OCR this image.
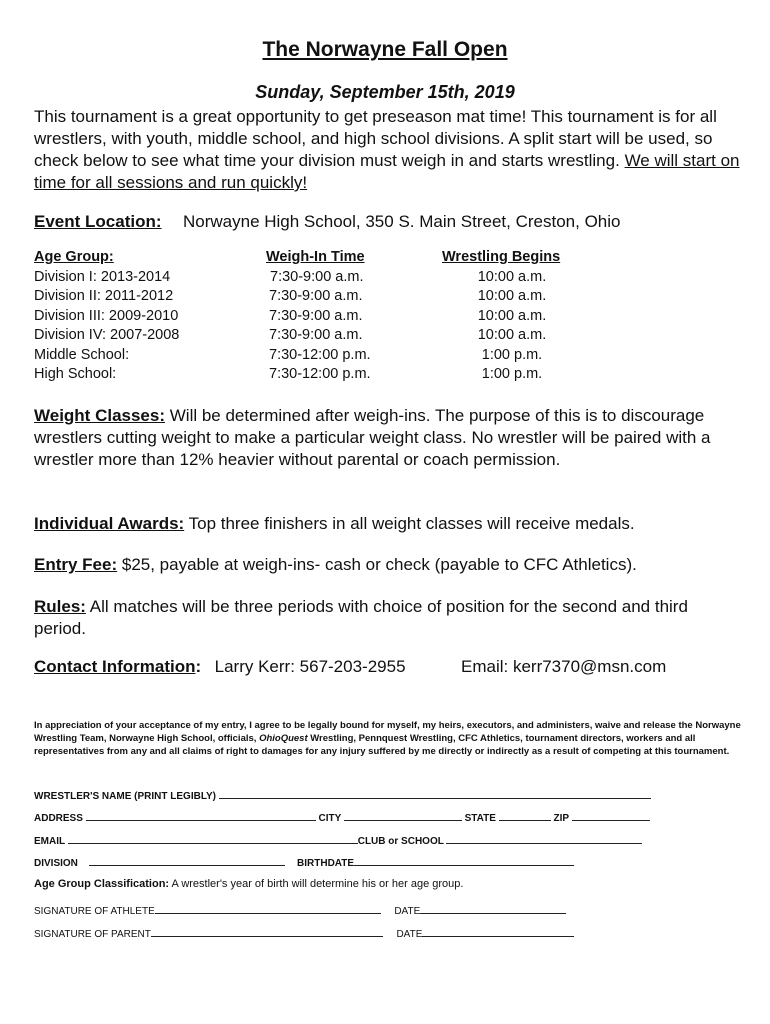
The Norwayne Fall Open
Sunday, September 15th, 2019
This tournament is a great opportunity to get preseason mat time! This tournament is for all wrestlers, with youth, middle school, and high school divisions. A split start will be used, so check below to see what time your division must weigh in and starts wrestling. We will start on time for all sessions and run quickly!
Event Location: Norwayne High School, 350 S. Main Street, Creston, Ohio
Age Group:	Weigh-In Time	Wrestling Begins
Division I: 2013-2014	7:30-9:00 a.m.	10:00 a.m.
Division II: 2011-2012	7:30-9:00 a.m.	10:00 a.m.
Division III: 2009-2010	7:30-9:00 a.m.	10:00 a.m.
Division IV: 2007-2008	7:30-9:00 a.m.	10:00 a.m.
Middle School:	7:30-12:00 p.m.	1:00 p.m.
High School:	7:30-12:00 p.m.	1:00 p.m.
Weight Classes: Will be determined after weigh-ins. The purpose of this is to discourage wrestlers cutting weight to make a particular weight class. No wrestler will be paired with a wrestler more than 12% heavier without parental or coach permission.
Individual Awards: Top three finishers in all weight classes will receive medals.
Entry Fee: $25, payable at weigh-ins- cash or check (payable to CFC Athletics).
Rules: All matches will be three periods with choice of position for the second and third period.
Contact Information: Larry Kerr: 567-203-2955	Email: kerr7370@msn.com
In appreciation of your acceptance of my entry, I agree to be legally bound for myself, my heirs, executors, and administers, waive and release the Norwayne Wrestling Team, Norwayne High School, officials, OhioQuest Wrestling, Pennquest Wrestling, CFC Athletics, tournament directors, workers and all representatives from any and all claims of right to damages for any injury suffered by me directly or indirectly as a result of competing at this tournament.
WRESTLER'S NAME (PRINT LEGIBLY)
ADDRESS	CITY	STATE	ZIP
EMAIL	CLUB or SCHOOL
DIVISION	BIRTHDATE
Age Group Classification: A wrestler's year of birth will determine his or her age group.
SIGNATURE OF ATHLETE	DATE
SIGNATURE OF PARENT	DATE
